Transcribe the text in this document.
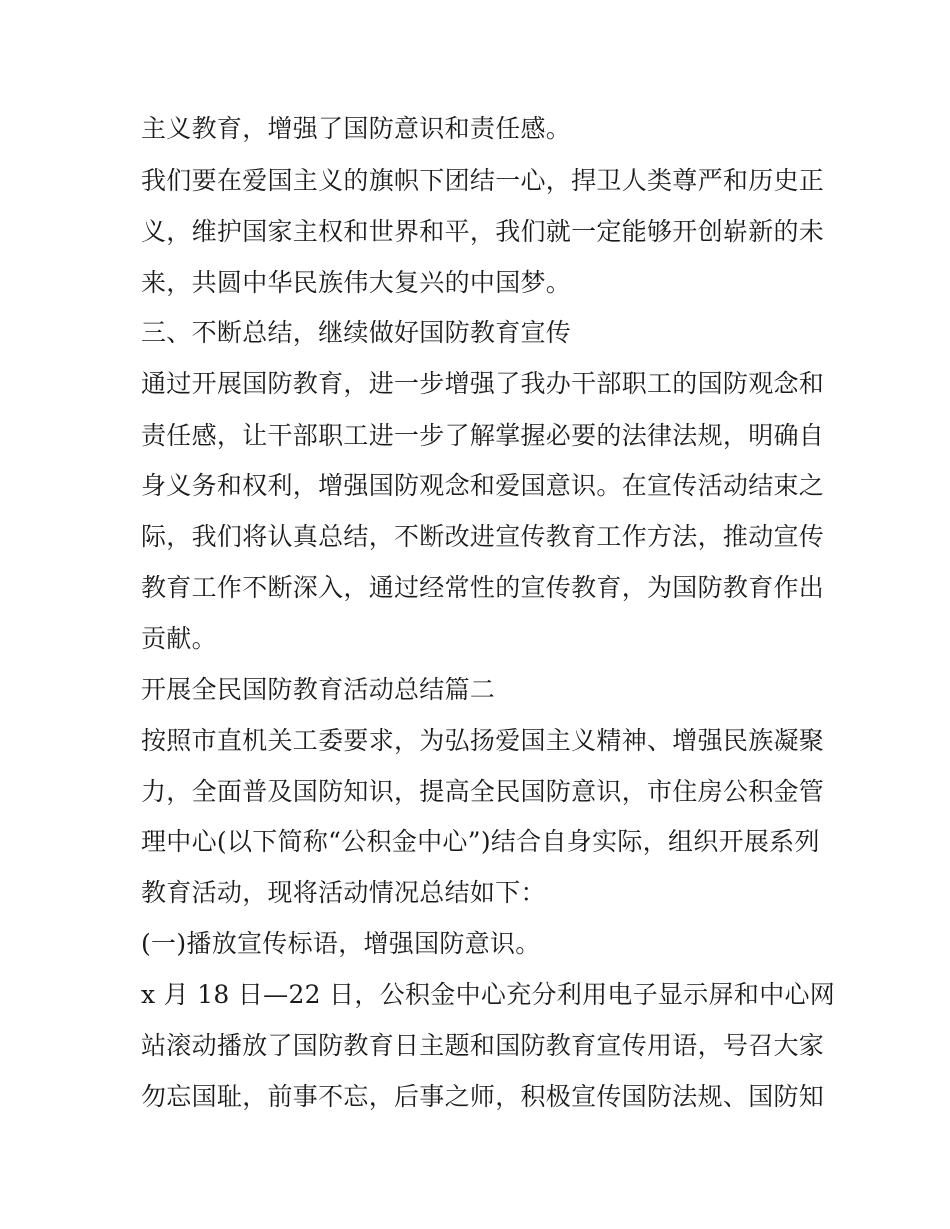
主义教育，增强了国防意识和责任感。
我们要在爱国主义的旗帜下团结一心，捍卫人类尊严和历史正
义，维护国家主权和世界和平，我们就一定能够开创崭新的未
来，共圆中华民族伟大复兴的中国梦。
三、不断总结，继续做好国防教育宣传
通过开展国防教育，进一步增强了我办干部职工的国防观念和
责任感，让干部职工进一步了解掌握必要的法律法规，明确自
身义务和权利，增强国防观念和爱国意识。在宣传活动结束之
际，我们将认真总结，不断改进宣传教育工作方法，推动宣传
教育工作不断深入，通过经常性的宣传教育，为国防教育作出
贡献。
开展全民国防教育活动总结篇二
按照市直机关工委要求，为弘扬爱国主义精神、增强民族凝聚
力，全面普及国防知识，提高全民国防意识，市住房公积金管
理中心(以下简称“公积金中心”)结合自身实际，组织开展系列
教育活动，现将活动情况总结如下：
(一)播放宣传标语，增强国防意识。
x 月 18 日—22 日，公积金中心充分利用电子显示屏和中心网
站滚动播放了国防教育日主题和国防教育宣传用语，号召大家
勿忘国耻，前事不忘，后事之师，积极宣传国防法规、国防知
